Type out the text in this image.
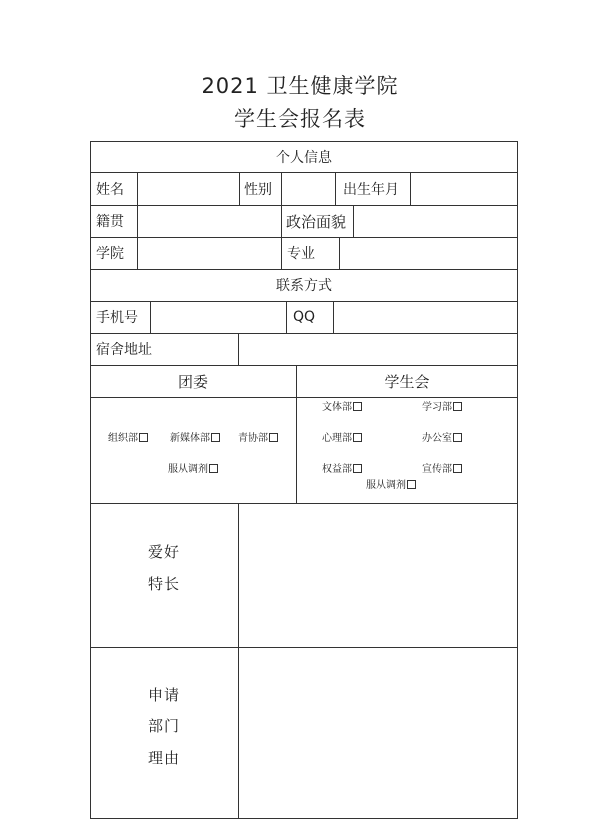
2021 卫生健康学院
学生会报名表
个人信息
姓名	性别	出生年月
籍贯	政治面貌
学院	专业
联系方式
手机号	QQ
宿舍地址
团委	学生会
组织部	新媒体部	青协部
服从调剂
文体部	学习部
心理部	办公室
权益部	宣传部
服从调剂
爱好
特长
申请
部门
理由
